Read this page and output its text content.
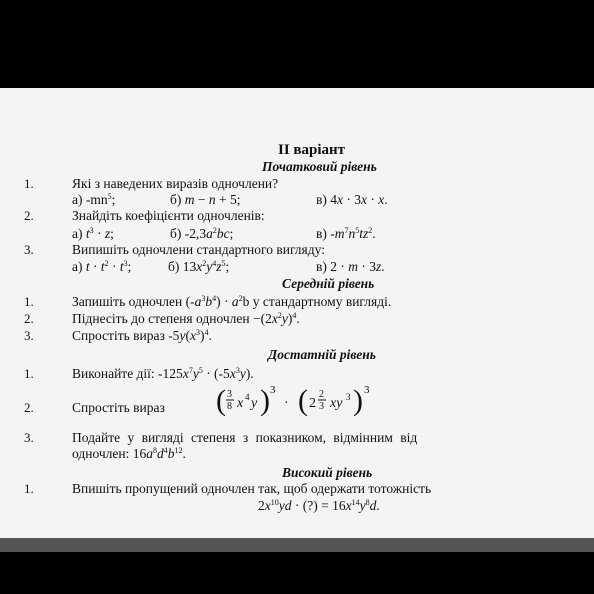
ІІ варіант
Початковий рівень
1.	Які з наведених виразів одночлени?
а) $-mn^5$;	б) m − n + 5;	в) 4x · 3x · x.
2.	Знайдіть коефіцієнти одночленів:
а) $t^3 \cdot z$;	б) $-2,3a^2bc$;	в) $-m^7n^5tz^2$.
3.	Випишіть одночлени стандартного вигляду:
а) $t \cdot t^2 \cdot t^3$;	б) $13x^2y^4z^5$;	в) 2 · m · 3z.
Середній рівень
1.	Запишіть одночлен $(-a^3b^4) \cdot a^2b$ у стандартному вигляді.
2.	Піднесіть до степеня одночлен $-(2x^2y)^4$.
3.	Спростіть вираз $-5y(x^3)^4$.
Достатній рівень
1.	Виконайте дії: $-125x^7y^5 \cdot (-5x^3y)$.
2.	Спростіть вираз ( 3
8 x 4 y ) 3
· ( 2
2
3 xy 3 ) 3
3.	Подайте у вигляді степеня з показником, відмінним від
одночлен: $16a^8d^4b^{12}$.
Високий рівень
1.	Впишіть пропущений одночлен так, щоб одержати тотожність
$2x^{10}yd$ · (?) = $16x^{14}y^8d$.
